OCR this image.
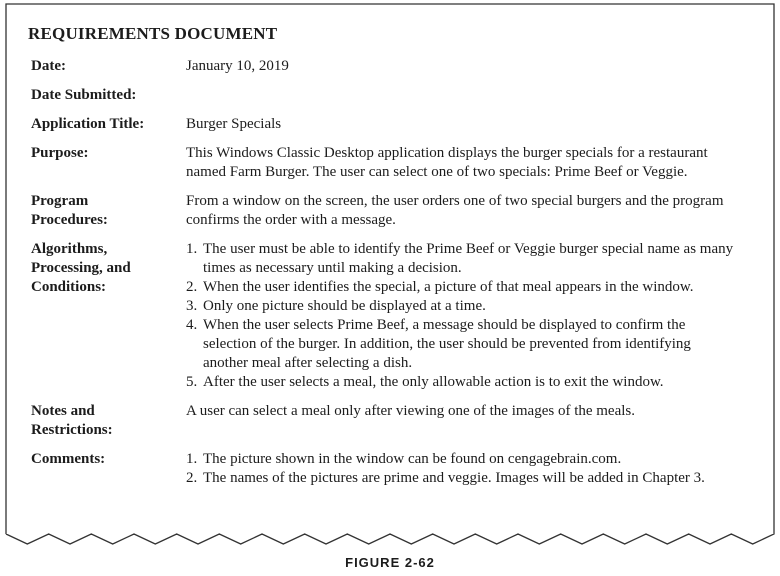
REQUIREMENTS DOCUMENT
Date:	January 10, 2019
Date Submitted:
Application Title:	Burger Specials
Purpose:	This Windows Classic Desktop application displays the burger specials for a restaurant
named Farm Burger. The user can select one of two specials: Prime Beef or Veggie.
Program
Procedures:
From a window on the screen, the user orders one of two special burgers and the program
confirms the order with a message.
Algorithms,
Processing, and
Conditions:
1. The user must be able to identify the Prime Beef or Veggie burger special name as many
times as necessary until making a decision.
2. When the user identifies the special, a picture of that meal appears in the window.
3. Only one picture should be displayed at a time.
4. When the user selects Prime Beef, a message should be displayed to confirm the
selection of the burger. In addition, the user should be prevented from identifying
another meal after selecting a dish.
5. After the user selects a meal, the only allowable action is to exit the window.
Notes and
Restrictions:
A user can select a meal only after viewing one of the images of the meals.
Comments:	1. The picture shown in the window can be found on cengagebrain.com.
2. The names of the pictures are prime and veggie. Images will be added in Chapter 3.
FIGURE 2-62
